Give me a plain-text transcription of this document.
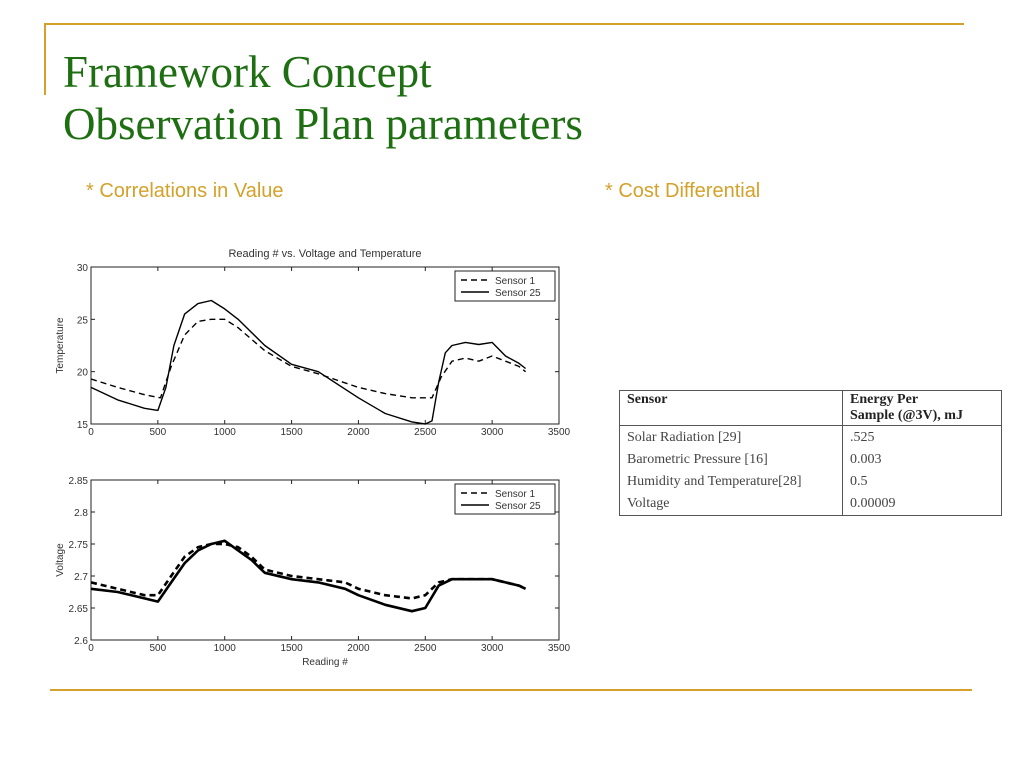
Framework Concept
Observation Plan parameters
* Correlations in Value	* Cost Differential
Reading # vs. Voltage and Temperature
0	500	1000	1500	2000	2500	3000	3500
15
20
25
30
Temperature
Sensor 1
Sensor 25
0	500	1000	1500	2000	2500	3000	3500
2.6
2.65
2.7
2.75
2.8
2.85
Voltage
Reading #
Sensor 1
Sensor 25
Sensor	Energy Per
Sample (@3V), mJ

Solar Radiation [29]	.525
Barometric Pressure [16]	0.003
Humidity and Temperature[28]	0.5
Voltage	0.00009
